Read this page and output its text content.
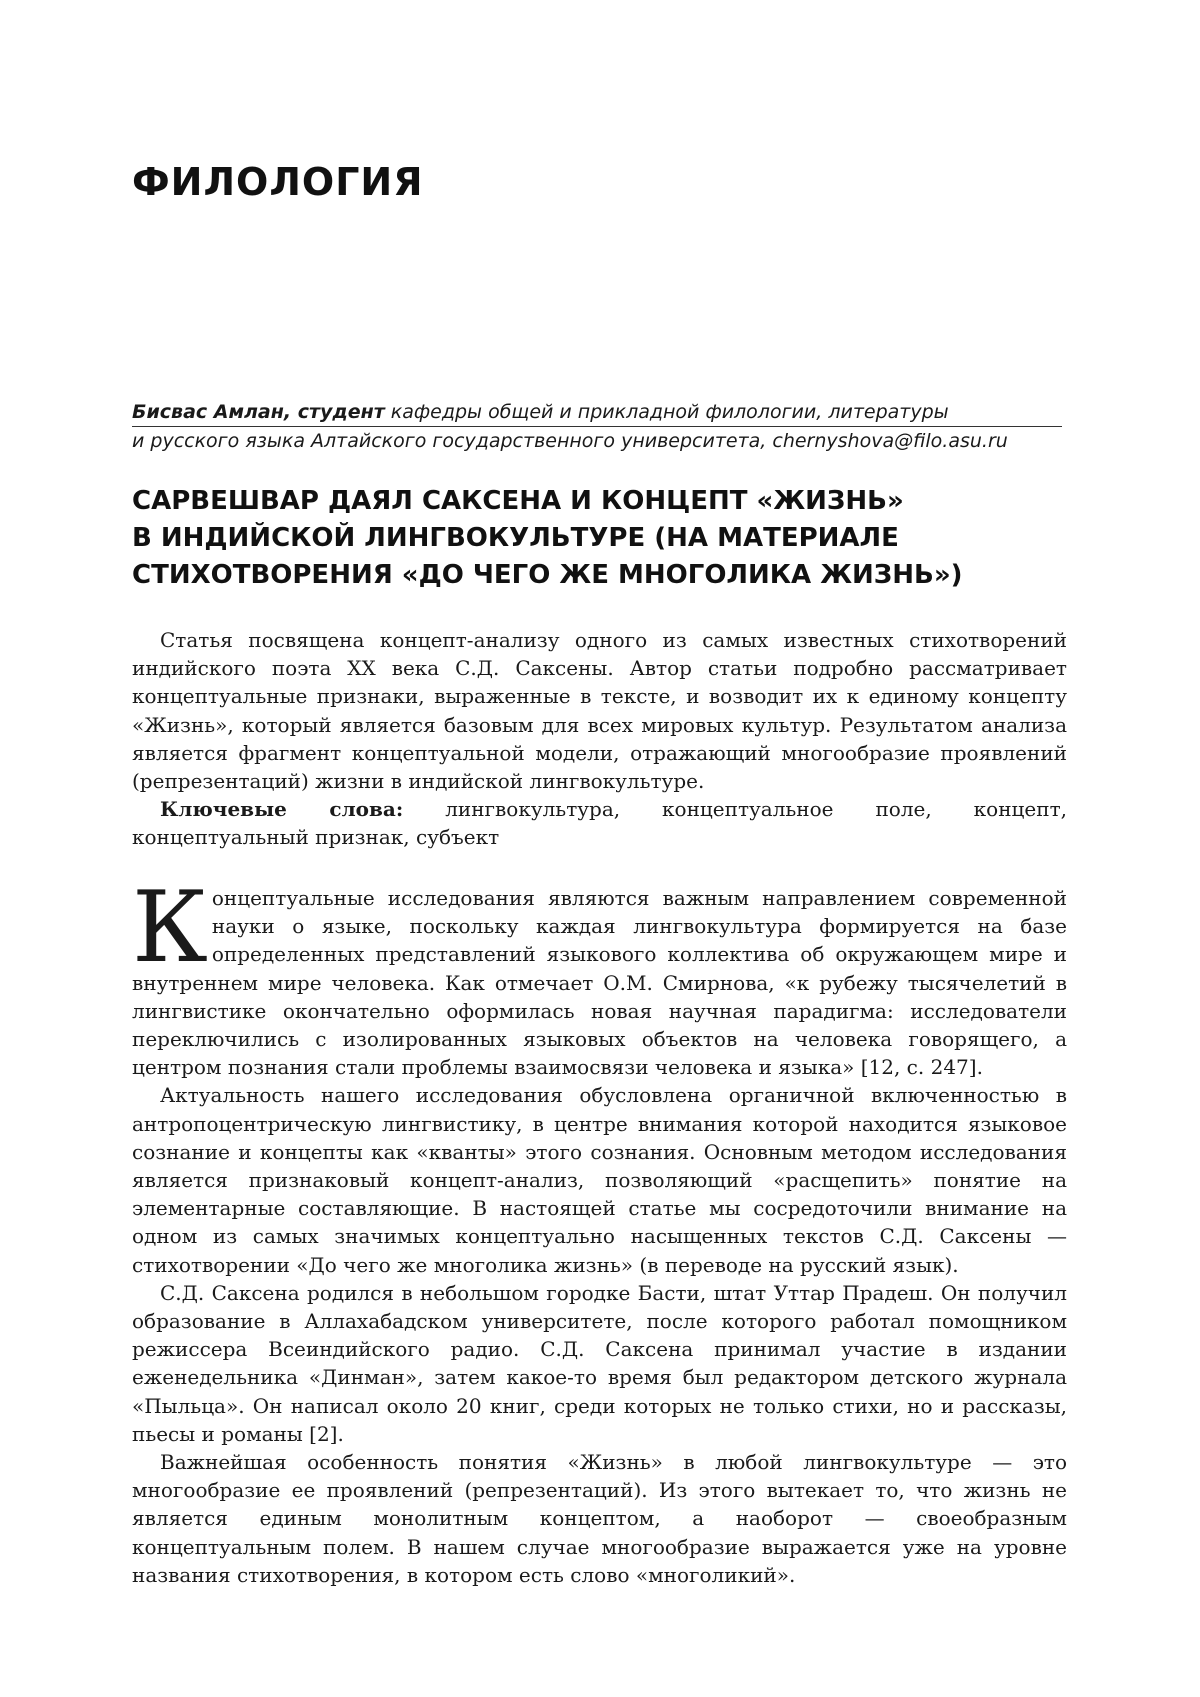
ФИЛОЛОГИЯ
Бисвас Амлан, студент кафедры общей и прикладной филологии, литературы
и русского языка Алтайского государственного университета, chernyshova@filo.asu.ru
САРВЕШВАР ДАЯЛ САКСЕНА И КОНЦЕПТ «ЖИЗНЬ»
В ИНДИЙСКОЙ ЛИНГВОКУЛЬТУРЕ (НА МАТЕРИАЛЕ
СТИХОТВОРЕНИЯ «ДО ЧЕГО ЖЕ МНОГОЛИКА ЖИЗНЬ»)

Статья посвящена концепт-анализу одного из самых известных стихотворений индийского поэта XX века С.Д. Саксены. Автор статьи подробно рассматривает концептуальные признаки, выраженные в тексте, и возводит их к единому концепту «Жизнь», который является базовым для всех мировых культур. Результатом анализа является фрагмент концептуальной модели, отражающий многообразие проявлений (репрезентаций) жизни в индийской лингвокультуре.

Ключевые слова: лингвокультура, концептуальное поле, концепт, концептуальный признак, субъект

Концептуальные исследования являются важным направлением современной науки о языке, поскольку каждая лингвокультура формируется на базе определенных представлений языкового коллектива об окружающем мире и внутреннем мире человека. Как отмечает О.М. Смирнова, «к рубежу тысячелетий в лингвистике окончательно оформилась новая научная парадигма: исследователи переключились с изолированных языковых объектов на человека говорящего, а центром познания стали проблемы взаимосвязи человека и языка» [12, с. 247].

Актуальность нашего исследования обусловлена органичной включенностью в антропоцентрическую лингвистику, в центре внимания которой находится языковое сознание и концепты как «кванты» этого сознания. Основным методом исследования является признаковый концепт-анализ, позволяющий «расщепить» понятие на элементарные составляющие. В настоящей статье мы сосредоточили внимание на одном из самых значимых концептуально насыщенных текстов С.Д. Саксены — стихотворении «До чего же многолика жизнь» (в переводе на русский язык).

С.Д. Саксена родился в небольшом городке Басти, штат Уттар Прадеш. Он получил образование в Аллахабадском университете, после которого работал помощником режиссера Всеиндийского радио. С.Д. Саксена принимал участие в издании еженедельника «Динман», затем какое-то время был редактором детского журнала «Пыльца». Он написал около 20 книг, среди которых не только стихи, но и рассказы, пьесы и романы [2].

Важнейшая особенность понятия «Жизнь» в любой лингвокультуре — это многообразие ее проявлений (репрезентаций). Из этого вытекает то, что жизнь не является единым монолитным концептом, а наоборот — своеобразным концептуальным полем. В нашем случае многообразие выражается уже на уровне названия стихотворения, в котором есть слово «многоликий».
